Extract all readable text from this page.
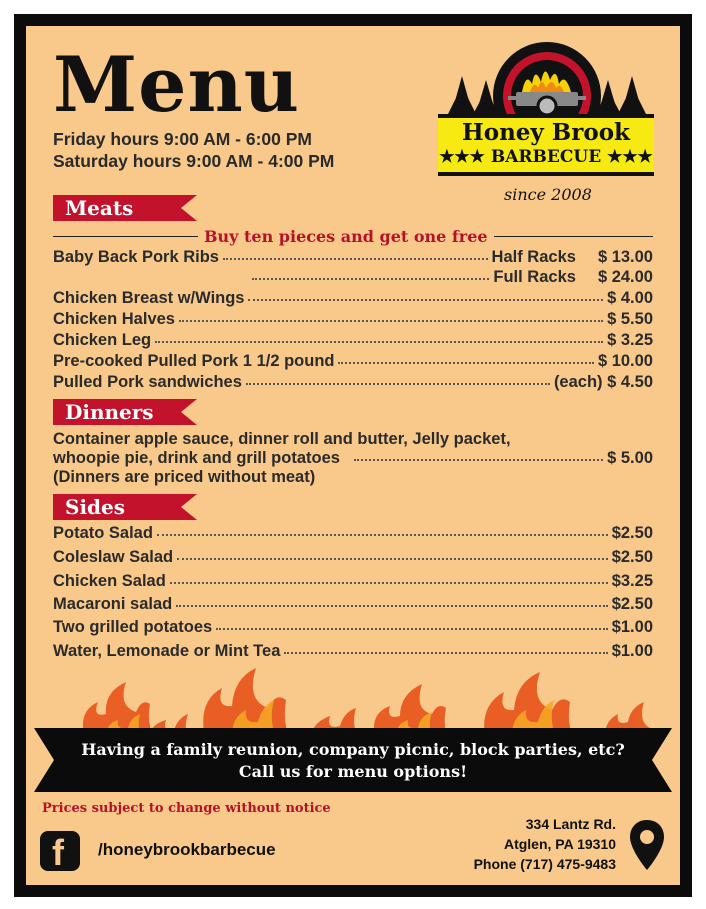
Menu
Friday hours 9:00 AM - 6:00 PM
Saturday hours 9:00 AM - 4:00 PM
Honey Brook
★★★ BARBECUE ★★★
since 2008
Meats
Buy ten pieces and get one free
Baby Back Pork Ribs	Half Racks $ 13.00
Full Racks $ 24.00
Chicken Breast w/Wings	$ 4.00
Chicken Halves	$ 5.50
Chicken Leg	$ 3.25
Pre-cooked Pulled Pork 1 1/2 pound	$ 10.00
Pulled Pork sandwiches	(each) $ 4.50
Dinners
Container apple sauce, dinner roll and butter, Jelly packet,
whoopie pie, drink and grill potatoes	$ 5.00
(Dinners are priced without meat)
Sides
Potato Salad	$2.50
Coleslaw Salad	$2.50
Chicken Salad	$3.25
Macaroni salad	$2.50
Two grilled potatoes	$1.00
Water, Lemonade or Mint Tea	$1.00
Having a family reunion, company picnic, block parties, etc?
Call us for menu options!
Prices subject to change without notice
f /honeybrookbarbecue
334 Lantz Rd.
Atglen, PA 19310
Phone (717) 475-9483
